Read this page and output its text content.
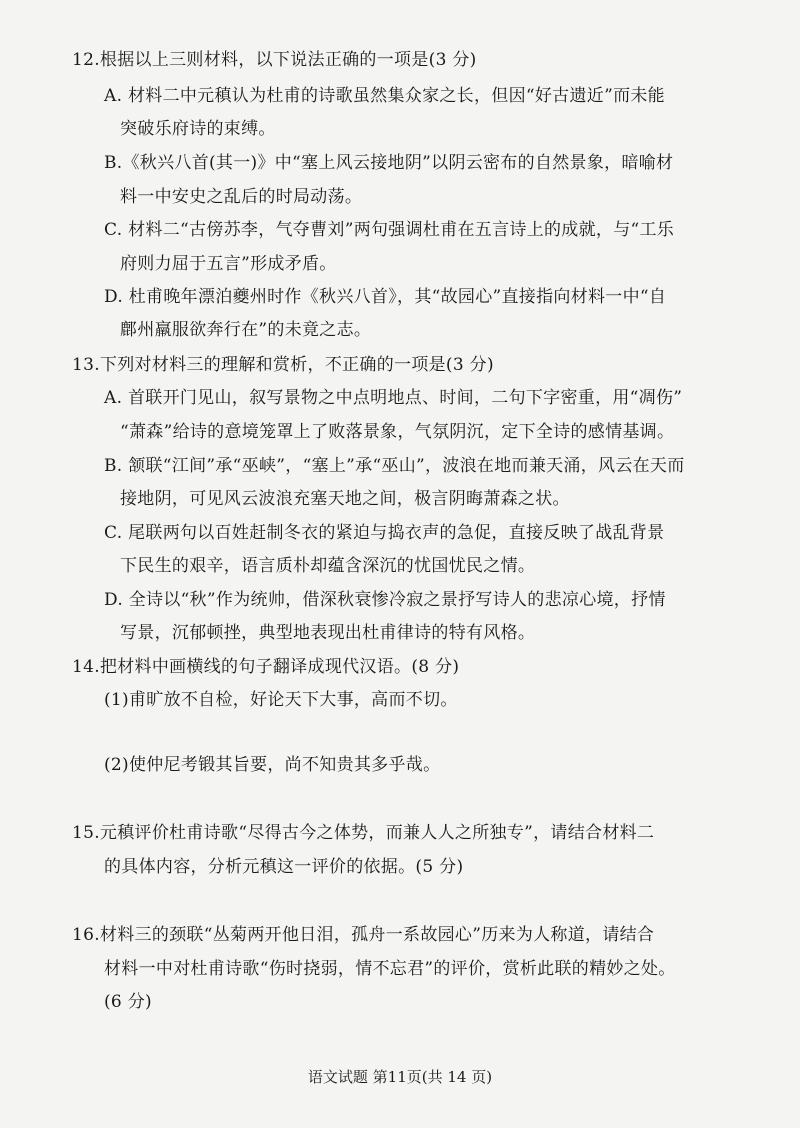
12.根据以上三则材料，以下说法正确的一项是(3 分)
A. 材料二中元稹认为杜甫的诗歌虽然集众家之长，但因“好古遗近”而未能
突破乐府诗的束缚。
B.《秋兴八首(其一)》中“塞上风云接地阴”以阴云密布的自然景象，暗喻材
料一中安史之乱后的时局动荡。
C. 材料二“古傍苏李，气夺曹刘”两句强调杜甫在五言诗上的成就，与“工乐
府则力屈于五言”形成矛盾。
D. 杜甫晚年漂泊夔州时作《秋兴八首》，其“故园心”直接指向材料一中“自
鄜州羸服欲奔行在”的未竟之志。
13.下列对材料三的理解和赏析，不正确的一项是(3 分)
A. 首联开门见山，叙写景物之中点明地点、时间，二句下字密重，用“凋伤”
“萧森”给诗的意境笼罩上了败落景象，气氛阴沉，定下全诗的感情基调。
B. 颔联“江间”承“巫峡”，“塞上”承“巫山”，波浪在地而兼天涌，风云在天而
接地阴，可见风云波浪充塞天地之间，极言阴晦萧森之状。
C. 尾联两句以百姓赶制冬衣的紧迫与捣衣声的急促，直接反映了战乱背景
下民生的艰辛，语言质朴却蕴含深沉的忧国忧民之情。
D. 全诗以“秋”作为统帅，借深秋衰惨冷寂之景抒写诗人的悲凉心境，抒情
写景，沉郁顿挫，典型地表现出杜甫律诗的特有风格。
14.把材料中画横线的句子翻译成现代汉语。(8 分)
(1)甫旷放不自检，好论天下大事，高而不切。
(2)使仲尼考锻其旨要，尚不知贵其多乎哉。
15.元稹评价杜甫诗歌“尽得古今之体势，而兼人人之所独专”，请结合材料二
的具体内容，分析元稹这一评价的依据。(5 分)
16.材料三的颈联“丛菊两开他日泪，孤舟一系故园心”历来为人称道，请结合
材料一中对杜甫诗歌“伤时挠弱，情不忘君”的评价，赏析此联的精妙之处。
(6 分)
语文试题 第11页(共 14 页)
